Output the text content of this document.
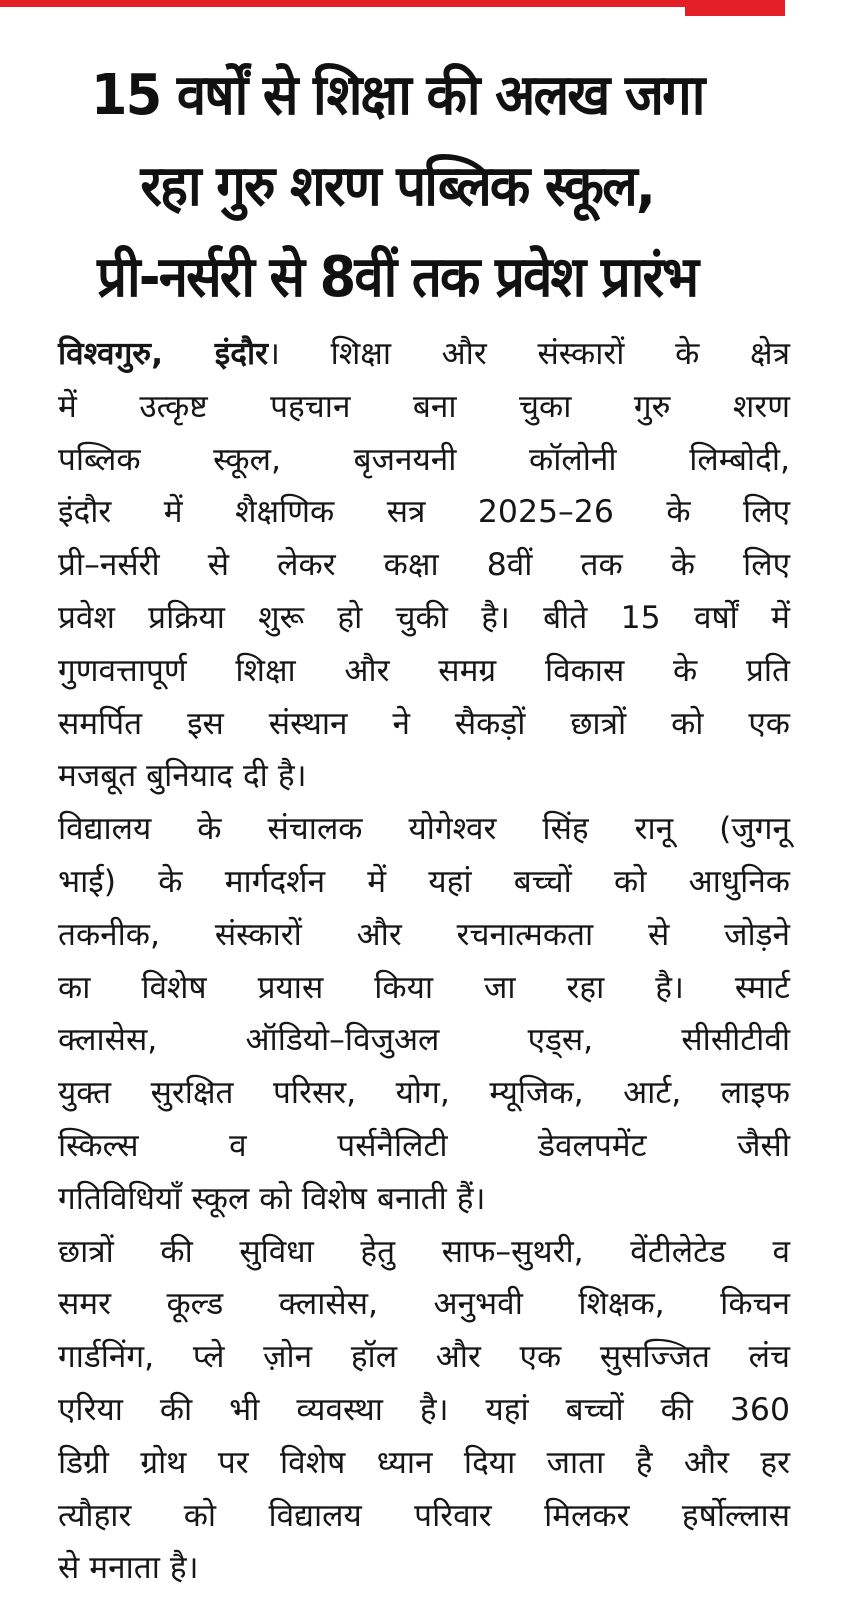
15 वर्षों से शिक्षा की अलख जगा
रहा गुरु शरण पब्लिक स्कूल,
प्री-नर्सरी से 8वीं तक प्रवेश प्रारंभ

विश्वगुरु, इंदौर। शिक्षा और संस्कारों के क्षेत्र
में उत्कृष्ट पहचान बना चुका गुरु शरण
पब्लिक स्कूल, बृजनयनी कॉलोनी लिम्बोदी,
इंदौर में शैक्षणिक सत्र 2025–26 के लिए
प्री–नर्सरी से लेकर कक्षा 8वीं तक के लिए
प्रवेश प्रक्रिया शुरू हो चुकी है। बीते 15 वर्षों में
गुणवत्तापूर्ण शिक्षा और समग्र विकास के प्रति
समर्पित इस संस्थान ने सैकड़ों छात्रों को एक
मजबूत बुनियाद दी है।

विद्यालय के संचालक योगेश्वर सिंह रानू (जुगनू
भाई) के मार्गदर्शन में यहां बच्चों को आधुनिक
तकनीक, संस्कारों और रचनात्मकता से जोड़ने
का विशेष प्रयास किया जा रहा है। स्मार्ट
क्लासेस, ऑडियो–विजुअल एड्स, सीसीटीवी
युक्त सुरक्षित परिसर, योग, म्यूजिक, आर्ट, लाइफ
स्किल्स व पर्सनैलिटी डेवलपमेंट जैसी
गतिविधियाँ स्कूल को विशेष बनाती हैं।

छात्रों की सुविधा हेतु साफ–सुथरी, वेंटीलेटेड व
समर कूल्ड क्लासेस, अनुभवी शिक्षक, किचन
गार्डनिंग, प्ले ज़ोन हॉल और एक सुसज्जित लंच
एरिया की भी व्यवस्था है। यहां बच्चों की 360
डिग्री ग्रोथ पर विशेष ध्यान दिया जाता है और हर
त्यौहार को विद्यालय परिवार मिलकर हर्षोल्लास
से मनाता है।
